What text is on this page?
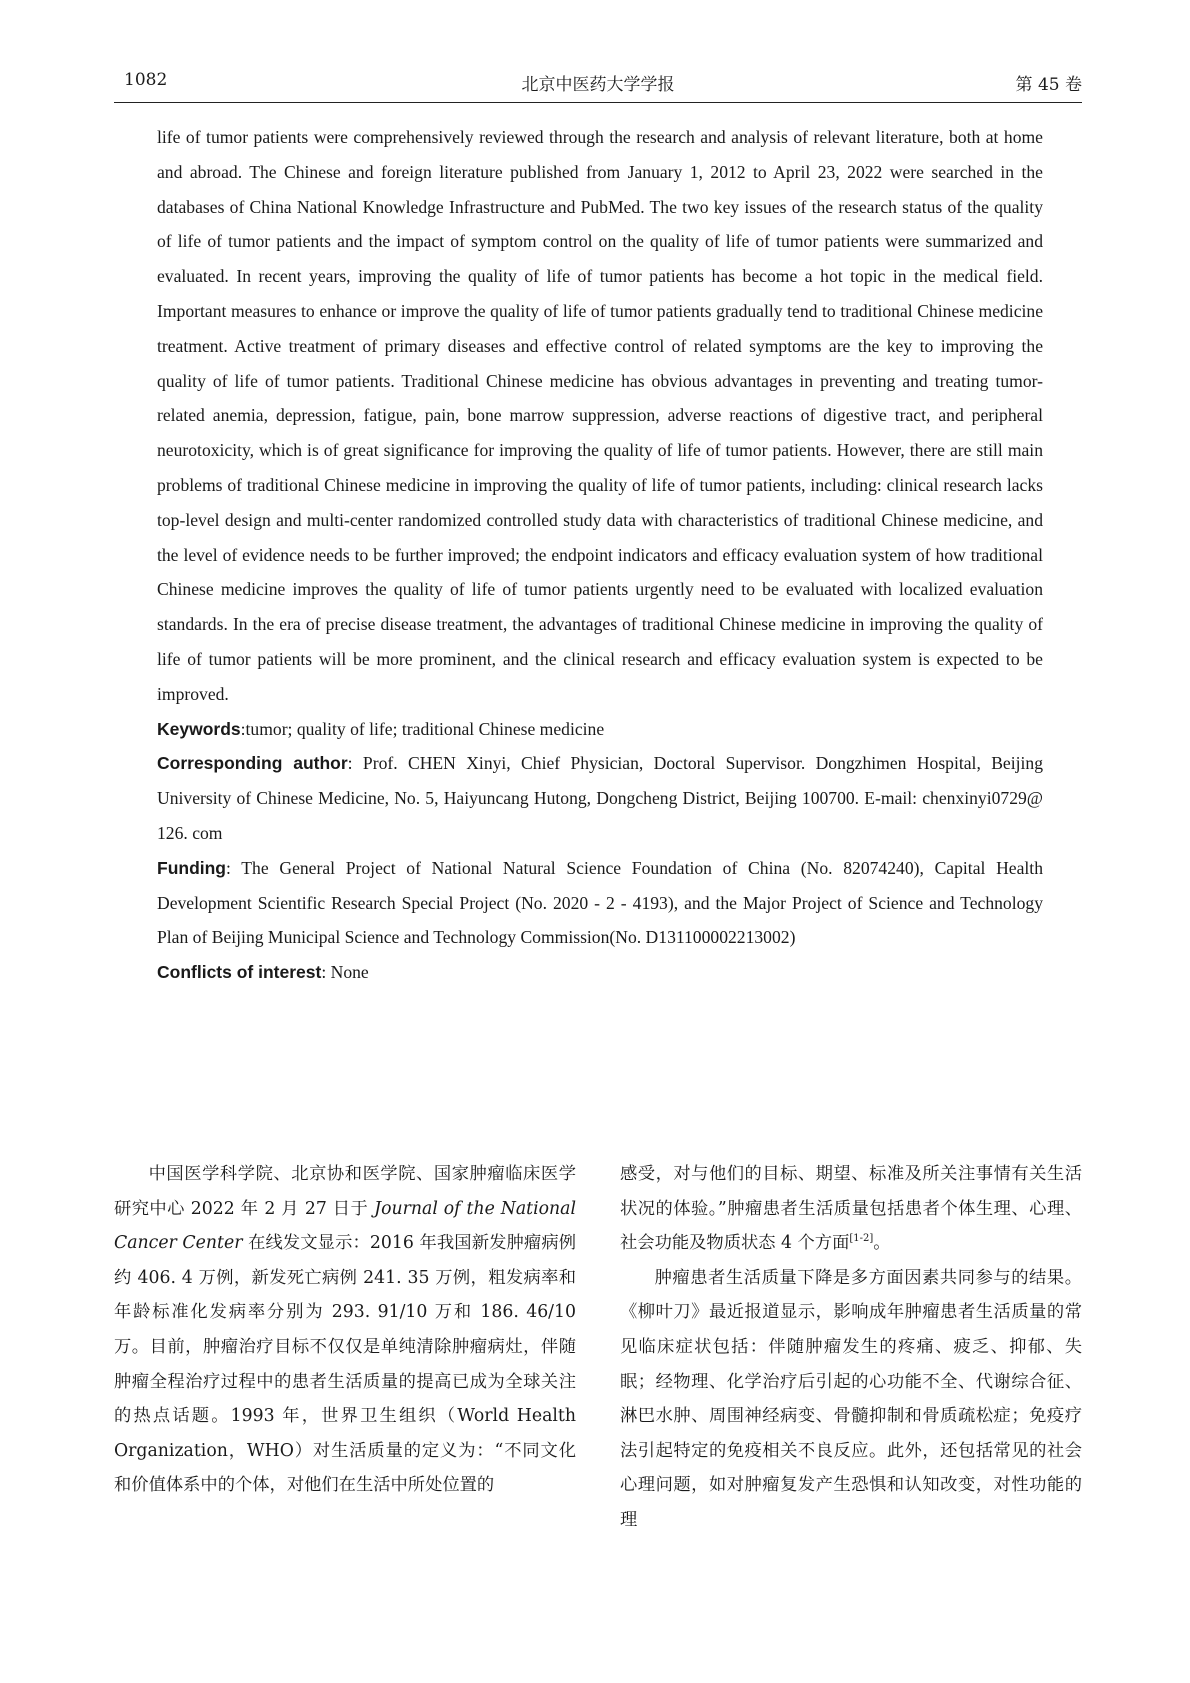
1082	北京中医药大学学报	第 45 卷

life of tumor patients were comprehensively reviewed through the research and analysis of relevant literature, both at home and abroad. The Chinese and foreign literature published from January 1, 2012 to April 23, 2022 were searched in the databases of China National Knowledge Infrastructure and PubMed. The two key issues of the research status of the quality of life of tumor patients and the impact of symptom control on the quality of life of tumor patients were summarized and evaluated. In recent years, improving the quality of life of tumor patients has become a hot topic in the medical field. Important measures to enhance or improve the quality of life of tumor patients gradually tend to traditional Chinese medicine treatment. Active treatment of primary diseases and effective control of related symptoms are the key to improving the quality of life of tumor patients. Traditional Chinese medicine has obvious advantages in preventing and treating tumor-related anemia, depression, fatigue, pain, bone marrow suppression, adverse reactions of digestive tract, and peripheral neurotoxicity, which is of great significance for improving the quality of life of tumor patients. However, there are still main problems of traditional Chinese medicine in improving the quality of life of tumor patients, including: clinical research lacks top-level design and multi-center randomized controlled study data with characteristics of traditional Chinese medicine, and the level of evidence needs to be further improved; the endpoint indicators and efficacy evaluation system of how traditional Chinese medicine improves the quality of life of tumor patients urgently need to be evaluated with localized evaluation standards. In the era of precise disease treatment, the advantages of traditional Chinese medicine in improving the quality of life of tumor patients will be more prominent, and the clinical research and efficacy evaluation system is expected to be improved.

Keywords:tumor; quality of life; traditional Chinese medicine

Corresponding author: Prof. CHEN Xinyi, Chief Physician, Doctoral Supervisor. Dongzhimen Hospital, Beijing University of Chinese Medicine, No. 5, Haiyuncang Hutong, Dongcheng District, Beijing 100700. E-mail: chenxinyi0729@ 126. com

Funding: The General Project of National Natural Science Foundation of China (No. 82074240), Capital Health Development Scientific Research Special Project (No. 2020 - 2 - 4193), and the Major Project of Science and Technology Plan of Beijing Municipal Science and Technology Commission(No. D131100002213002)

Conflicts of interest: None

中国医学科学院、北京协和医学院、国家肿瘤临床医学研究中心 2022 年 2 月 27 日于 Journal of the National Cancer Center 在线发文显示：2016 年我国新发肿瘤病例约 406. 4 万例，新发死亡病例 241. 35 万例，粗发病率和年龄标准化发病率分别为 293. 91/10 万和 186. 46/10 万。目前，肿瘤治疗目标不仅仅是单纯清除肿瘤病灶，伴随肿瘤全程治疗过程中的患者生活质量的提高已成为全球关注的热点话题。1993 年，世界卫生组织（World Health Organization，WHO）对生活质量的定义为：“不同文化和价值体系中的个体，对他们在生活中所处位置的

感受，对与他们的目标、期望、标准及所关注事情有关生活状况的体验。”肿瘤患者生活质量包括患者个体生理、心理、社会功能及物质状态 4 个方面[1-2]。

肿瘤患者生活质量下降是多方面因素共同参与的结果。《柳叶刀》最近报道显示，影响成年肿瘤患者生活质量的常见临床症状包括：伴随肿瘤发生的疼痛、疲乏、抑郁、失眠；经物理、化学治疗后引起的心功能不全、代谢综合征、淋巴水肿、周围神经病变、骨髓抑制和骨质疏松症；免疫疗法引起特定的免疫相关不良反应。此外，还包括常见的社会心理问题，如对肿瘤复发产生恐惧和认知改变，对性功能的理
